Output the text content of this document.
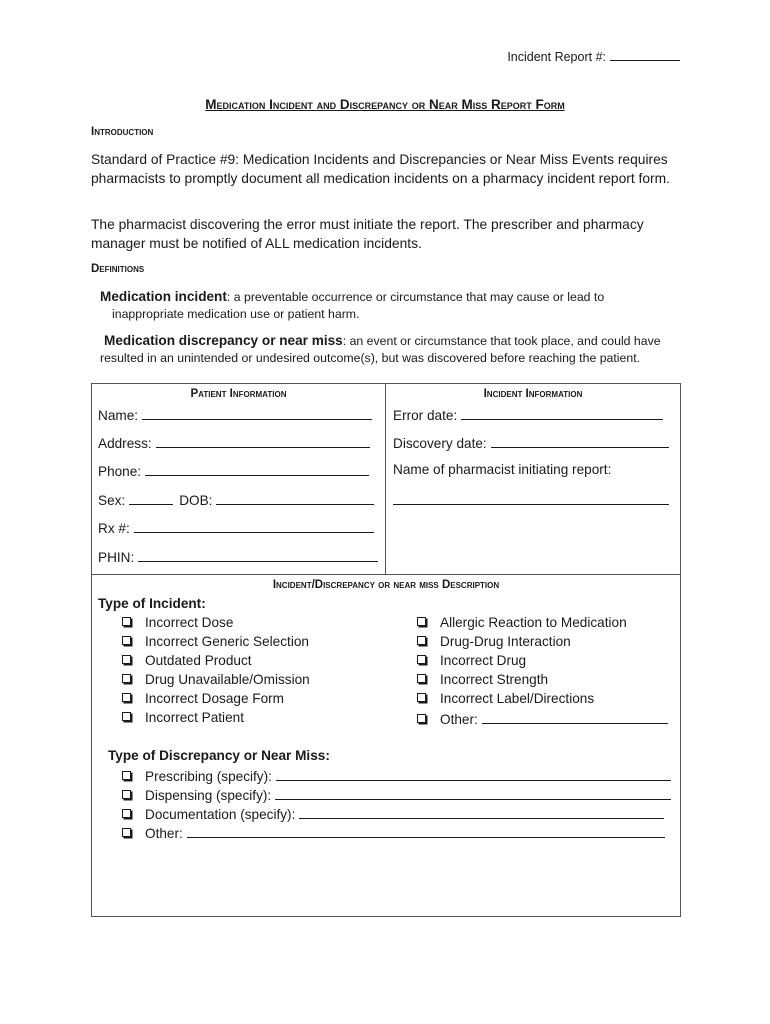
Incident Report #:
Medication Incident and Discrepancy or Near Miss Report Form
Introduction
Standard of Practice #9: Medication Incidents and Discrepancies or Near Miss Events requires pharmacists to promptly document all medication incidents on a pharmacy incident report form.
The pharmacist discovering the error must initiate the report. The prescriber and pharmacy manager must be notified of ALL medication incidents.
Definitions
Medication incident: a preventable occurrence or circumstance that may cause or lead to
inappropriate medication use or patient harm.
Medication discrepancy or near miss: an event or circumstance that took place, and could have
resulted in an unintended or undesired outcome(s), but was discovered before reaching the patient.
Patient Information	Incident Information
Name:
Address:
Phone:
Sex:	DOB:
Rx #:
PHIN:
Error date:
Discovery date:
Name of pharmacist initiating report:
Incident/Discrepancy or near miss Description
Type of Incident:
Incorrect Dose
Incorrect Generic Selection
Outdated Product
Drug Unavailable/Omission
Incorrect Dosage Form
Incorrect Patient
Allergic Reaction to Medication
Drug-Drug Interaction
Incorrect Drug
Incorrect Strength
Incorrect Label/Directions
Other:
Type of Discrepancy or Near Miss:
Prescribing (specify):
Dispensing (specify):
Documentation (specify):
Other:
